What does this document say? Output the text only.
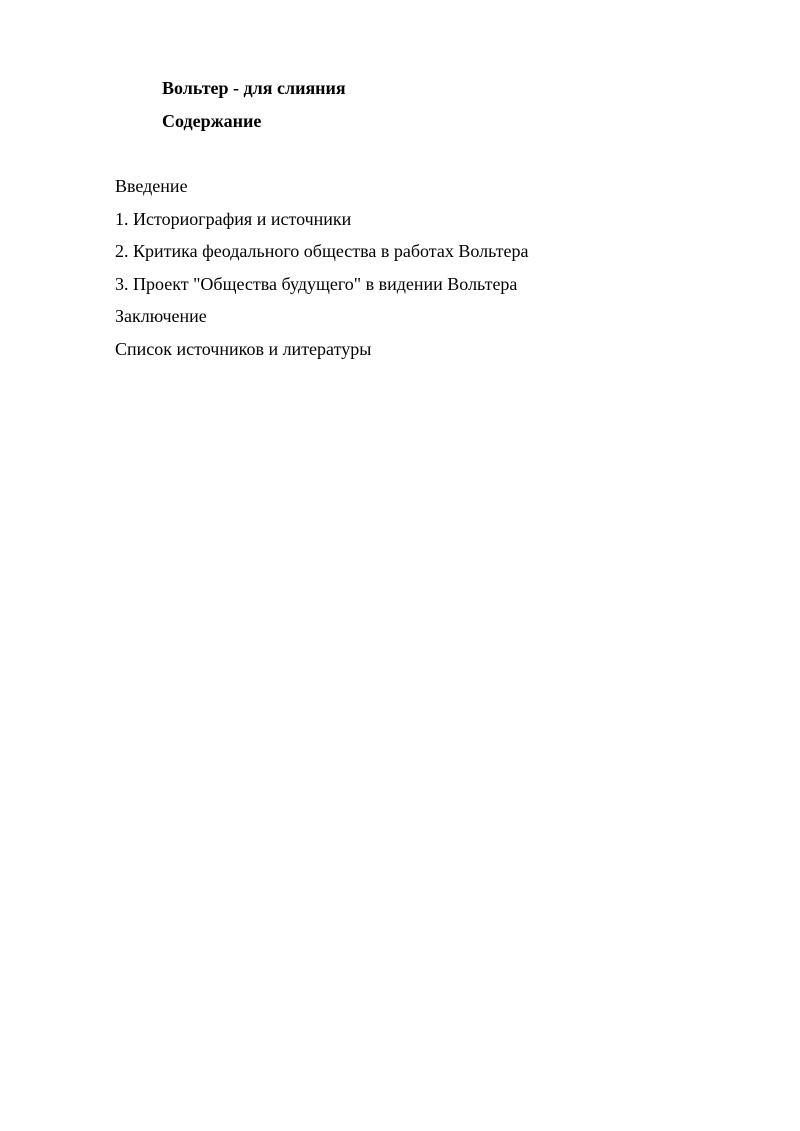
Вольтер - для слияния
Содержание
Введение
1. Историография и источники
2. Критика феодального общества в работах Вольтера
3. Проект "Общества будущего" в видении Вольтера
Заключение
Список источников и литературы
